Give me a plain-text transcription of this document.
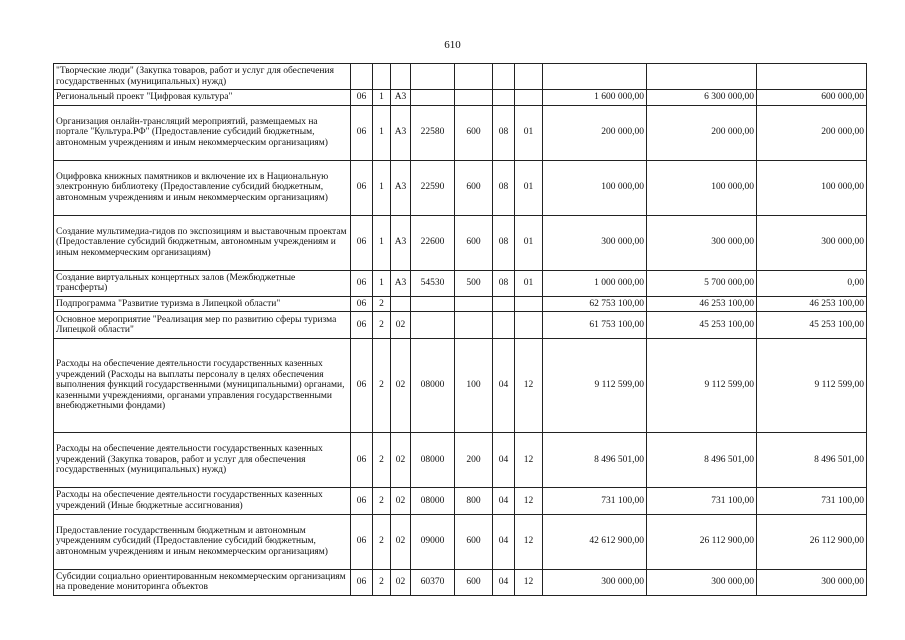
610
"Творческие люди" (Закупка товаров, работ и услуг для обеспечения государственных (муниципальных) нужд)										
Региональный проект "Цифровая культура"	06	1	А3					1 600 000,00	6 300 000,00	600 000,00
Организация онлайн-трансляций мероприятий, размещаемых на портале "Культура.РФ" (Предоставление субсидий бюджетным, автономным учреждениям и иным некоммерческим организациям)	06	1	А3	22580	600	08	01	200 000,00	200 000,00	200 000,00
Оцифровка книжных памятников и включение их в Национальную электронную библиотеку (Предоставление субсидий бюджетным, автономным учреждениям и иным некоммерческим организациям)	06	1	А3	22590	600	08	01	100 000,00	100 000,00	100 000,00
Создание мультимедиа-гидов по экспозициям и выставочным проектам (Предоставление субсидий бюджетным, автономным учреждениям и иным некоммерческим организациям)	06	1	А3	22600	600	08	01	300 000,00	300 000,00	300 000,00
Создание виртуальных концертных залов (Межбюджетные трансферты)	06	1	А3	54530	500	08	01	1 000 000,00	5 700 000,00	0,00
Подпрограмма "Развитие туризма в Липецкой области"	06	2						62 753 100,00	46 253 100,00	46 253 100,00
Основное мероприятие "Реализация мер по развитию сферы туризма Липецкой области"	06	2	02					61 753 100,00	45 253 100,00	45 253 100,00
Расходы на обеспечение деятельности государственных казенных учреждений (Расходы на выплаты персоналу в целях обеспечения выполнения функций государственными (муниципальными) органами, казенными учреждениями, органами управления государственными внебюджетными фондами)	06	2	02	08000	100	04	12	9 112 599,00	9 112 599,00	9 112 599,00
Расходы на обеспечение деятельности государственных казенных учреждений (Закупка товаров, работ и услуг для обеспечения государственных (муниципальных) нужд)	06	2	02	08000	200	04	12	8 496 501,00	8 496 501,00	8 496 501,00
Расходы на обеспечение деятельности государственных казенных учреждений (Иные бюджетные ассигнования)	06	2	02	08000	800	04	12	731 100,00	731 100,00	731 100,00
Предоставление государственным бюджетным и автономным учреждениям субсидий (Предоставление субсидий бюджетным, автономным учреждениям и иным некоммерческим организациям)	06	2	02	09000	600	04	12	42 612 900,00	26 112 900,00	26 112 900,00
Субсидии социально ориентированным некоммерческим организациям на проведение мониторинга объектов	06	2	02	60370	600	04	12	300 000,00	300 000,00	300 000,00
